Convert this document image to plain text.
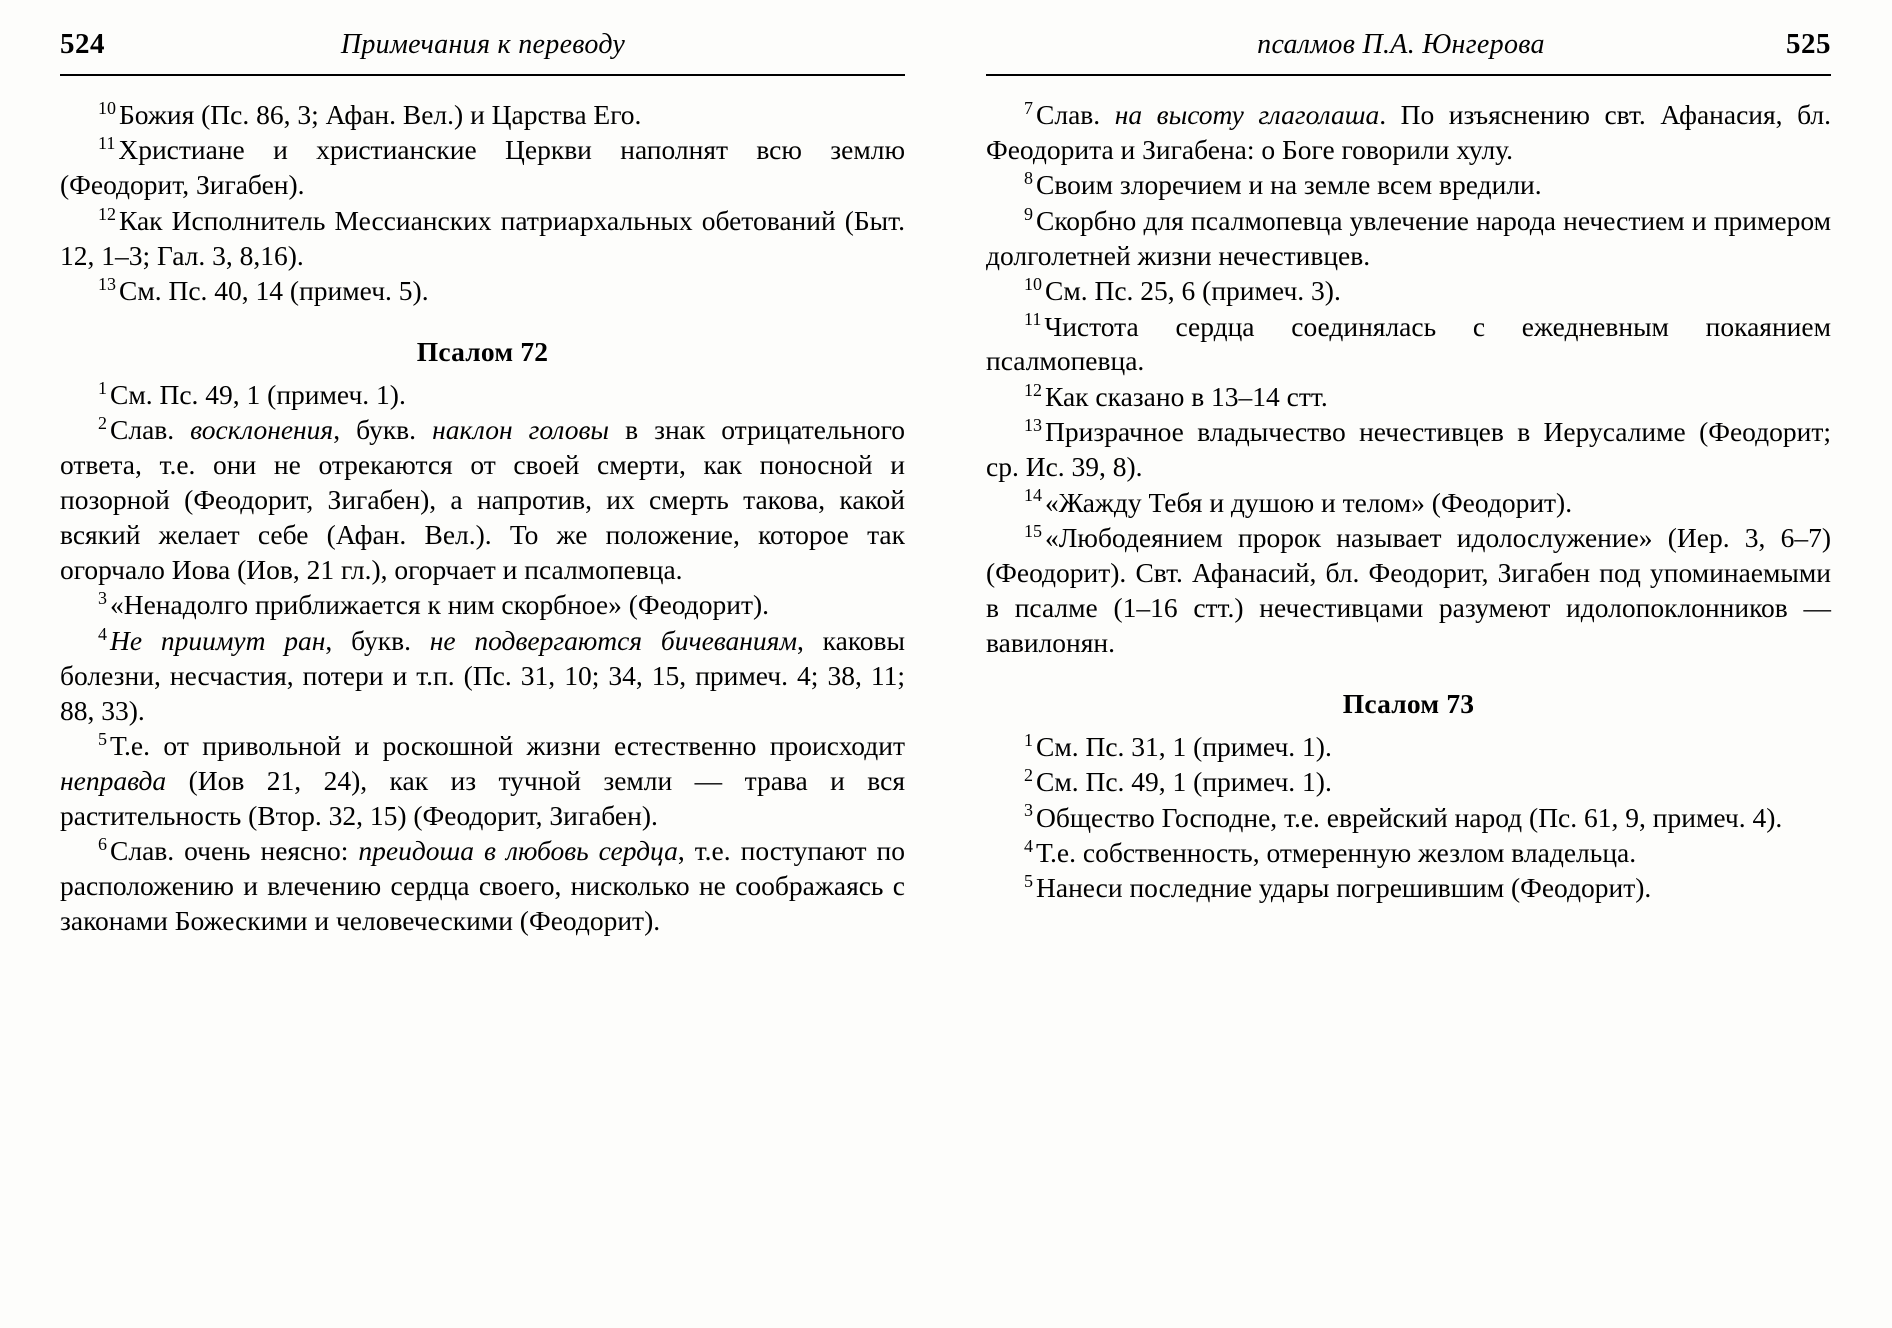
524	Примечания к переводу

$^{10}$ Божия (Пс. 86, 3; Афан. Вел.) и Царства Его.

$^{11}$ Христиане и христианские Церкви наполнят всю землю (Феодорит, Зигабен).

$^{12}$ Как Исполнитель Мессианских патриархальных обетований (Быт. 12, 1–3; Гал. 3, 8,16).

$^{13}$ См. Пс. 40, 14 (примеч. 5).

Псалом 72

$^1$ См. Пс. 49, 1 (примеч. 1).

$^2$ Слав. восклонения, букв. наклон головы в знак отрицательного ответа, т.е. они не отрекаются от своей смерти, как поносной и позорной (Феодорит, Зигабен), а напротив, их смерть такова, какой всякий желает себе (Афан. Вел.). То же положение, которое так огорчало Иова (Иов, 21 гл.), огорчает и псалмопевца.

$^3$ «Ненадолго приближается к ним скорбное» (Феодорит).

$^4$ Не приимут ран, букв. не подвергаются бичеваниям, каковы болезни, несчастия, потери и т.п. (Пс. 31, 10; 34, 15, примеч. 4; 38, 11; 88, 33).

$^5$ Т.е. от привольной и роскошной жизни естественно происходит неправда (Иов 21, 24), как из тучной земли — трава и вся растительность (Втор. 32, 15) (Феодорит, Зигабен).

$^6$ Слав. очень неясно: преидоша в любовь сердца, т.е. поступают по расположению и влечению сердца своего, нисколько не соображаясь с законами Божескими и человеческими (Феодорит).

псалмов П.А. Юнгерова	525

$^7$ Слав. на высоту глаголаша. По изъяснению свт. Афанасия, бл. Феодорита и Зигабена: о Боге говорили хулу.

$^8$ Своим злоречием и на земле всем вредили.

$^9$ Скорбно для псалмопевца увлечение народа нечестием и примером долголетней жизни нечестивцев.

$^{10}$ См. Пс. 25, 6 (примеч. 3).

$^{11}$ Чистота сердца соединялась с ежедневным покаянием псалмопевца.

$^{12}$ Как сказано в 13–14 стт.

$^{13}$ Призрачное владычество нечестивцев в Иерусалиме (Феодорит; ср. Ис. 39, 8).

$^{14}$ «Жажду Тебя и душою и телом» (Феодорит).

$^{15}$ «Любодеянием пророк называет идолослужение» (Иер. 3, 6–7) (Феодорит). Свт. Афанасий, бл. Феодорит, Зигабен под упоминаемыми в псалме (1–16 стт.) нечестивцами разумеют идолопоклонников — вавилонян.

Псалом 73

$^1$ См. Пс. 31, 1 (примеч. 1).

$^2$ См. Пс. 49, 1 (примеч. 1).

$^3$ Общество Господне, т.е. еврейский народ (Пс. 61, 9, примеч. 4).

$^4$ Т.е. собственность, отмеренную жезлом владельца.

$^5$ Нанеси последние удары погрешившим (Феодорит).
